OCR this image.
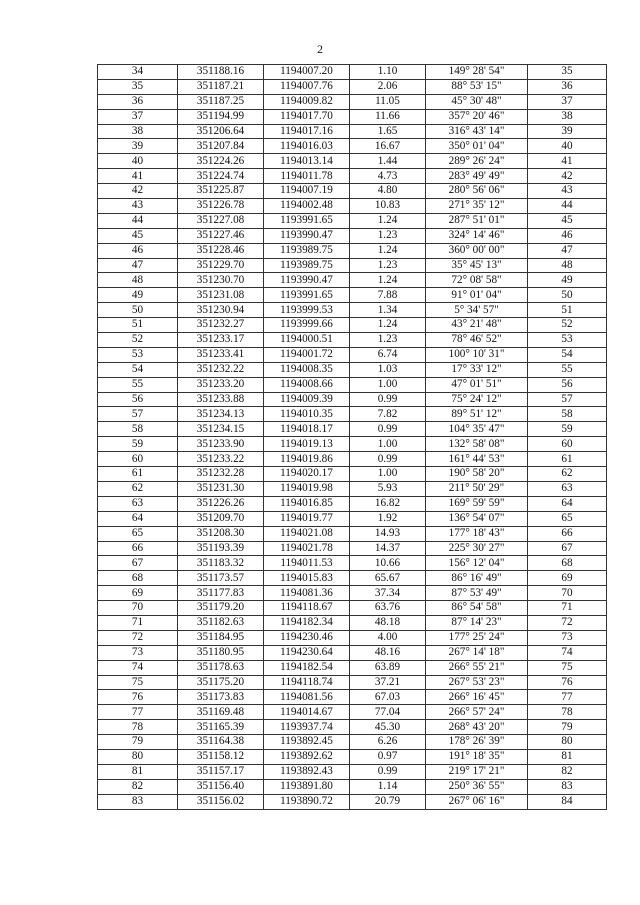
2
34	351188.16	1194007.20	1.10	149° 28' 54"	35
35	351187.21	1194007.76	2.06	88° 53' 15"	36
36	351187.25	1194009.82	11.05	45° 30' 48"	37
37	351194.99	1194017.70	11.66	357° 20' 46"	38
38	351206.64	1194017.16	1.65	316° 43' 14"	39
39	351207.84	1194016.03	16.67	350° 01' 04"	40
40	351224.26	1194013.14	1.44	289° 26' 24"	41
41	351224.74	1194011.78	4.73	283° 49' 49"	42
42	351225.87	1194007.19	4.80	280° 56' 06"	43
43	351226.78	1194002.48	10.83	271° 35' 12"	44
44	351227.08	1193991.65	1.24	287° 51' 01"	45
45	351227.46	1193990.47	1.23	324° 14' 46"	46
46	351228.46	1193989.75	1.24	360° 00' 00"	47
47	351229.70	1193989.75	1.23	35° 45' 13"	48
48	351230.70	1193990.47	1.24	72° 08' 58"	49
49	351231.08	1193991.65	7.88	91° 01' 04"	50
50	351230.94	1193999.53	1.34	5° 34' 57"	51
51	351232.27	1193999.66	1.24	43° 21' 48"	52
52	351233.17	1194000.51	1.23	78° 46' 52"	53
53	351233.41	1194001.72	6.74	100° 10' 31"	54
54	351232.22	1194008.35	1.03	17° 33' 12"	55
55	351233.20	1194008.66	1.00	47° 01' 51"	56
56	351233.88	1194009.39	0.99	75° 24' 12"	57
57	351234.13	1194010.35	7.82	89° 51' 12"	58
58	351234.15	1194018.17	0.99	104° 35' 47"	59
59	351233.90	1194019.13	1.00	132° 58' 08"	60
60	351233.22	1194019.86	0.99	161° 44' 53"	61
61	351232.28	1194020.17	1.00	190° 58' 20"	62
62	351231.30	1194019.98	5.93	211° 50' 29"	63
63	351226.26	1194016.85	16.82	169° 59' 59"	64
64	351209.70	1194019.77	1.92	136° 54' 07"	65
65	351208.30	1194021.08	14.93	177° 18' 43"	66
66	351193.39	1194021.78	14.37	225° 30' 27"	67
67	351183.32	1194011.53	10.66	156° 12' 04"	68
68	351173.57	1194015.83	65.67	86° 16' 49"	69
69	351177.83	1194081.36	37.34	87° 53' 49"	70
70	351179.20	1194118.67	63.76	86° 54' 58"	71
71	351182.63	1194182.34	48.18	87° 14' 23"	72
72	351184.95	1194230.46	4.00	177° 25' 24"	73
73	351180.95	1194230.64	48.16	267° 14' 18"	74
74	351178.63	1194182.54	63.89	266° 55' 21"	75
75	351175.20	1194118.74	37.21	267° 53' 23"	76
76	351173.83	1194081.56	67.03	266° 16' 45"	77
77	351169.48	1194014.67	77.04	266° 57' 24"	78
78	351165.39	1193937.74	45.30	268° 43' 20"	79
79	351164.38	1193892.45	6.26	178° 26' 39"	80
80	351158.12	1193892.62	0.97	191° 18' 35"	81
81	351157.17	1193892.43	0.99	219° 17' 21"	82
82	351156.40	1193891.80	1.14	250° 36' 55"	83
83	351156.02	1193890.72	20.79	267° 06' 16"	84
